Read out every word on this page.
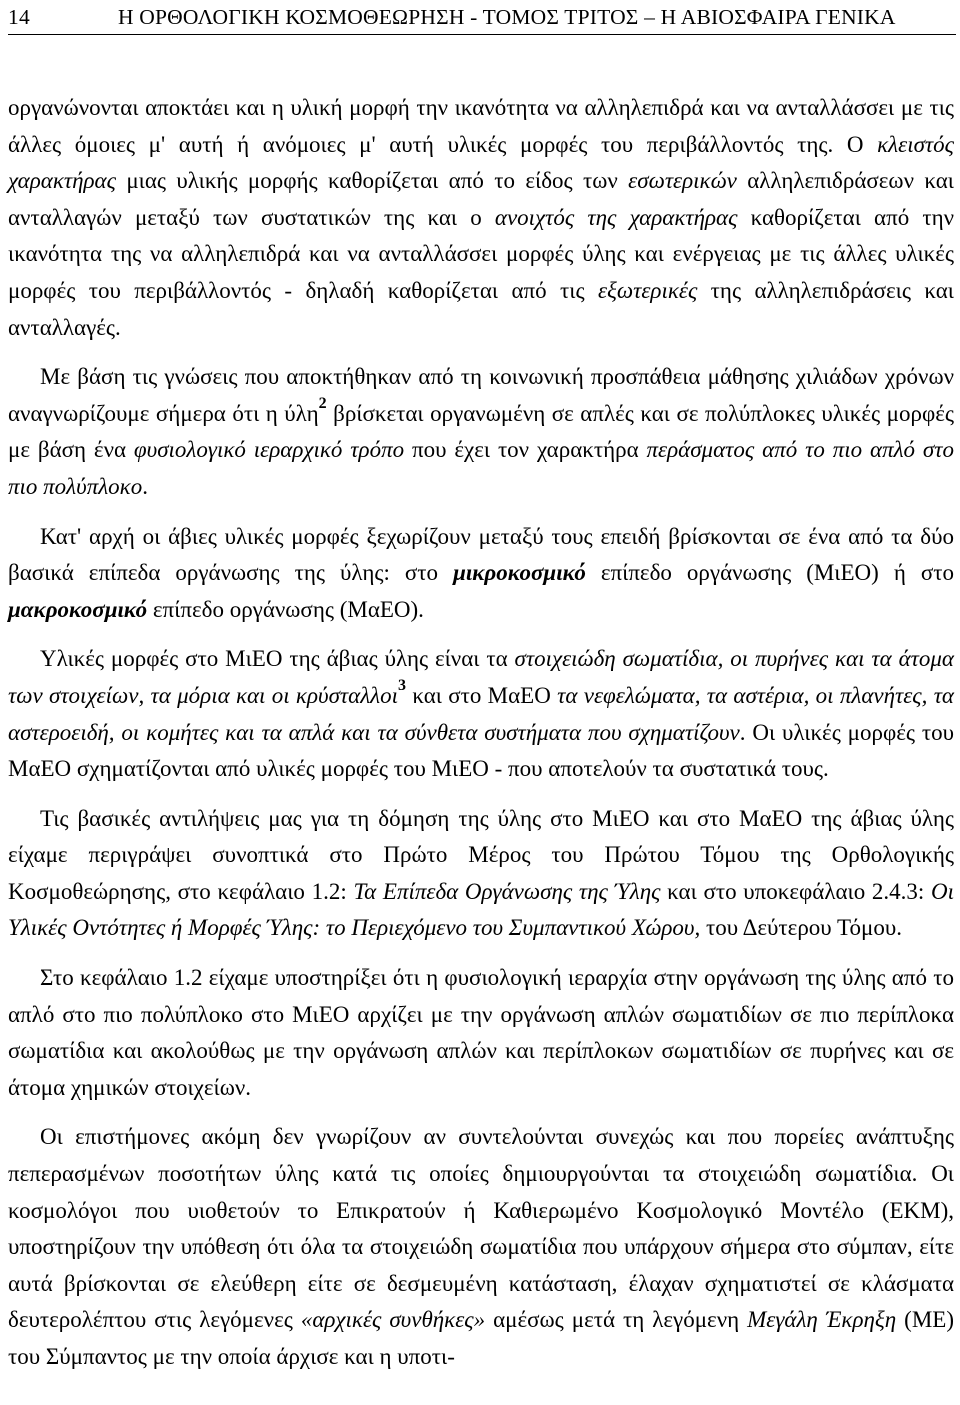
14	Η ΟΡΘΟΛΟΓΙΚΗ ΚΟΣΜΟΘΕΩΡΗΣΗ - ΤΟΜΟΣ ΤΡΙΤΟΣ – Η ΑΒΙΟΣΦΑΙΡΑ ΓΕΝΙΚΑ

οργανώνονται αποκτάει και η υλική μορφή την ικανότητα να αλληλεπιδρά και να ανταλλάσσει με τις άλλες όμοιες μ' αυτή ή ανόμοιες μ' αυτή υλικές μορφές του περιβάλλοντός της. Ο κλειστός χαρακτήρας μιας υλικής μορφής καθορίζεται από το είδος των εσωτερικών αλληλεπιδράσεων και ανταλλαγών μεταξύ των συστατικών της και ο ανοιχτός της χαρακτήρας καθορίζεται από την ικανότητα της να αλληλεπιδρά και να ανταλλάσσει μορφές ύλης και ενέργειας με τις άλλες υλικές μορφές του περιβάλλοντός - δηλαδή καθορίζεται από τις εξωτερικές της αλληλεπιδράσεις και ανταλλαγές.

Με βάση τις γνώσεις που αποκτήθηκαν από τη κοινωνική προσπάθεια μάθησης χιλιάδων χρόνων αναγνωρίζουμε σήμερα ότι η ύλη$^2$ βρίσκεται οργανωμένη σε απλές και σε πολύπλοκες υλικές μορφές με βάση ένα φυσιολογικό ιεραρχικό τρόπο που έχει τον χαρακτήρα περάσματος από το πιο απλό στο πιο πολύπλοκο.

Κατ' αρχή οι άβιες υλικές μορφές ξεχωρίζουν μεταξύ τους επειδή βρίσκονται σε ένα από τα δύο βασικά επίπεδα οργάνωσης της ύλης: στο μικροκοσμικό επίπεδο οργάνωσης (ΜιΕΟ) ή στο μακροκοσμικό επίπεδο οργάνωσης (ΜαΕΟ).

Υλικές μορφές στο ΜιΕΟ της άβιας ύλης είναι τα στοιχειώδη σωματίδια, οι πυρήνες και τα άτομα των στοιχείων, τα μόρια και οι κρύσταλλοι$^3$ και στο ΜαΕΟ τα νεφελώματα, τα αστέρια, οι πλανήτες, τα αστεροειδή, οι κομήτες και τα απλά και τα σύνθετα συστήματα που σχηματίζουν. Οι υλικές μορφές του ΜαΕΟ σχηματίζονται από υλικές μορφές του ΜιΕΟ - που αποτελούν τα συστατικά τους.

Τις βασικές αντιλήψεις μας για τη δόμηση της ύλης στο ΜιΕΟ και στο ΜαΕΟ της άβιας ύλης είχαμε περιγράψει συνοπτικά στο Πρώτο Μέρος του Πρώτου Τόμου της Ορθολογικής Κοσμοθεώρησης, στο κεφάλαιο 1.2: Τα Επίπεδα Οργάνωσης της Ύλης και στο υποκεφάλαιο 2.4.3: Οι Υλικές Οντότητες ή Μορφές Ύλης: το Περιεχόμενο του Συμπαντικού Χώρου, του Δεύτερου Τόμου.

Στο κεφάλαιο 1.2 είχαμε υποστηρίξει ότι η φυσιολογική ιεραρχία στην οργάνωση της ύλης από το απλό στο πιο πολύπλοκο στο ΜιΕΟ αρχίζει με την οργάνωση απλών σωματιδίων σε πιο περίπλοκα σωματίδια και ακολούθως με την οργάνωση απλών και περίπλοκων σωματιδίων σε πυρήνες και σε άτομα χημικών στοιχείων.

Οι επιστήμονες ακόμη δεν γνωρίζουν αν συντελούνται συνεχώς και που πορείες ανάπτυξης πεπερασμένων ποσοτήτων ύλης κατά τις οποίες δημιουργούνται τα στοιχειώδη σωματίδια. Οι κοσμολόγοι που υιοθετούν το Επικρατούν ή Καθιερωμένο Κοσμολογικό Μοντέλο (ΕΚΜ), υποστηρίζουν την υπόθεση ότι όλα τα στοιχειώδη σωματίδια που υπάρχουν σήμερα στο σύμπαν, είτε αυτά βρίσκονται σε ελεύθερη είτε σε δεσμευμένη κατάσταση, έλαχαν σχηματιστεί σε κλάσματα δευτερολέπτου στις λεγόμενες «αρχικές συνθήκες» αμέσως μετά τη λεγόμενη Μεγάλη Έκρηξη (ΜΕ) του Σύμπαντος με την οποία άρχισε και η υποτι-
